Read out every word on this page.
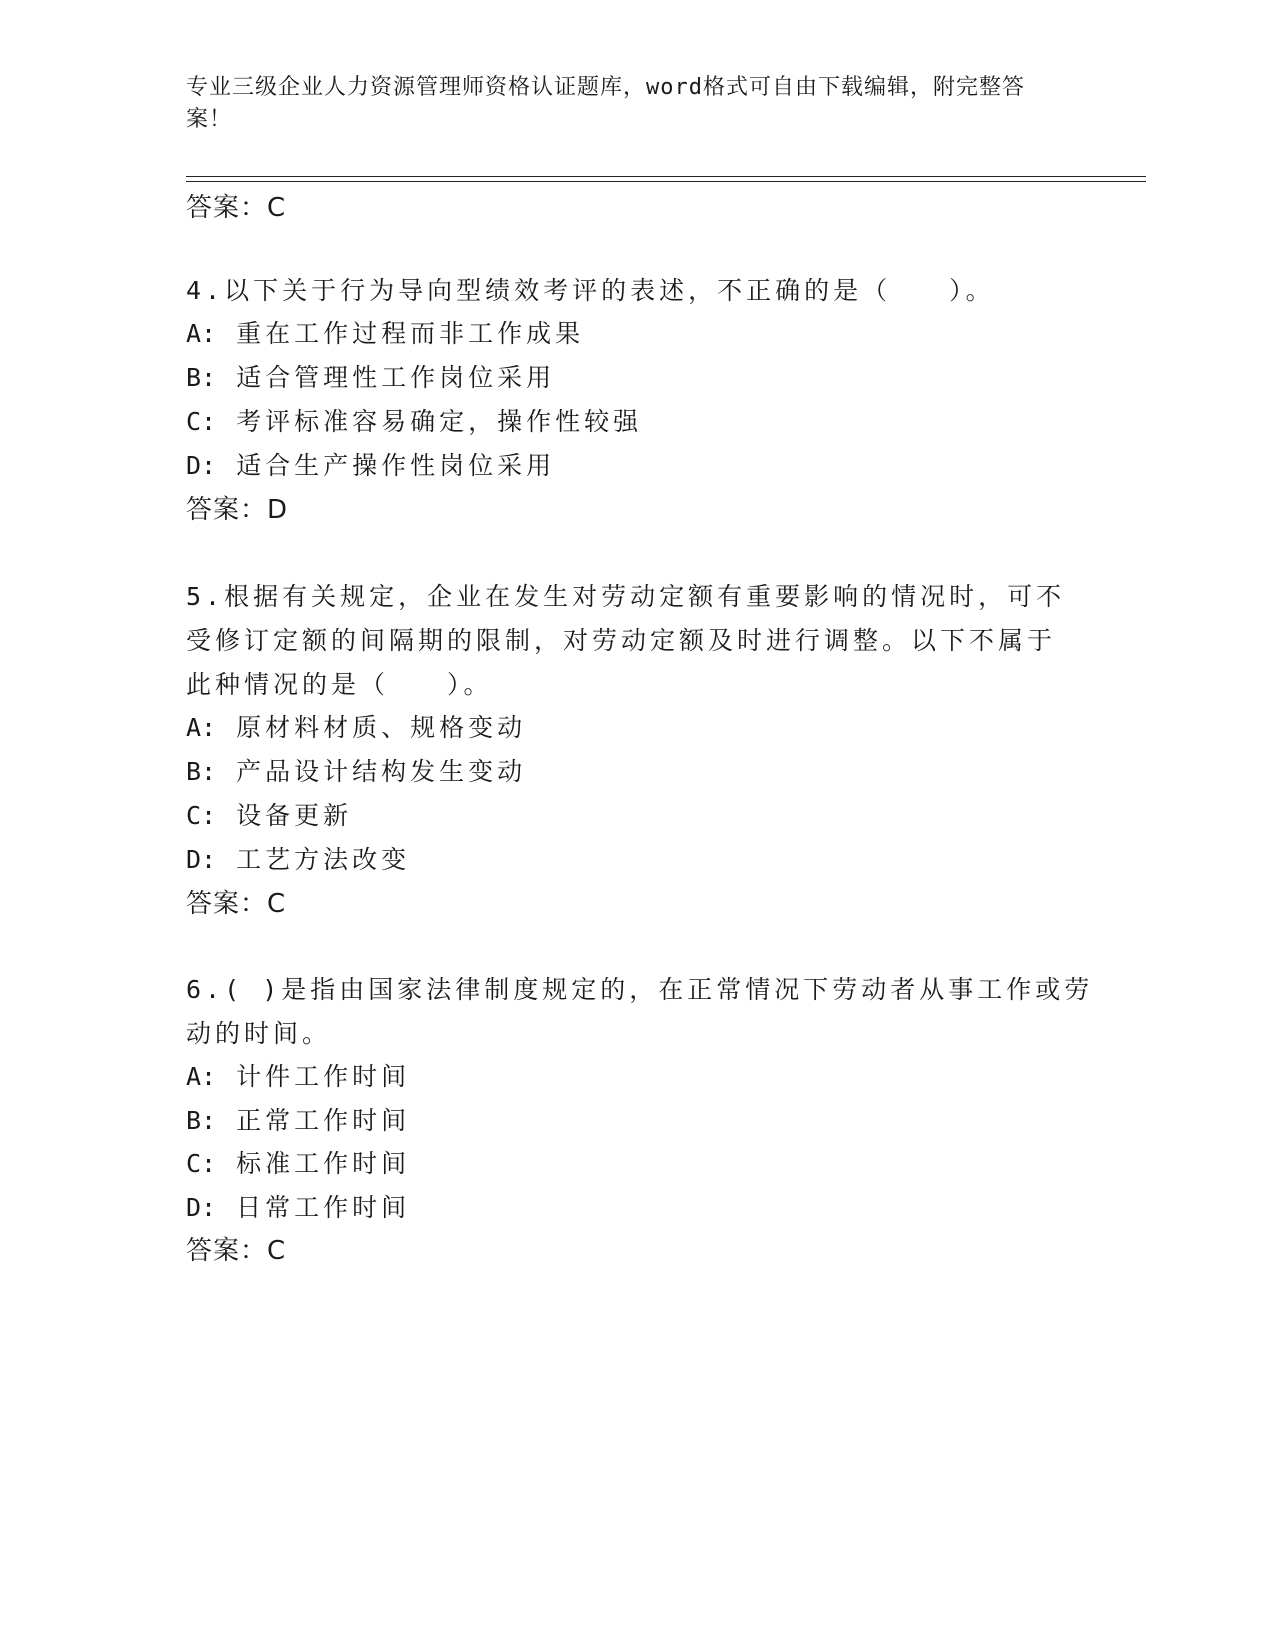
专业三级企业人力资源管理师资格认证题库，word格式可自由下载编辑，附完整答案！
答案：C
4.以下关于行为导向型绩效考评的表述，不正确的是（　　）。
A: 重在工作过程而非工作成果
B: 适合管理性工作岗位采用
C: 考评标准容易确定，操作性较强
D: 适合生产操作性岗位采用
答案：D
5.根据有关规定，企业在发生对劳动定额有重要影响的情况时，可不
受修订定额的间隔期的限制，对劳动定额及时进行调整。以下不属于
此种情况的是（　　）。
A: 原材料材质、规格变动
B: 产品设计结构发生变动
C: 设备更新
D: 工艺方法改变
答案：C
6.( )是指由国家法律制度规定的，在正常情况下劳动者从事工作或劳
动的时间。
A: 计件工作时间
B: 正常工作时间
C: 标准工作时间
D: 日常工作时间
答案：C
